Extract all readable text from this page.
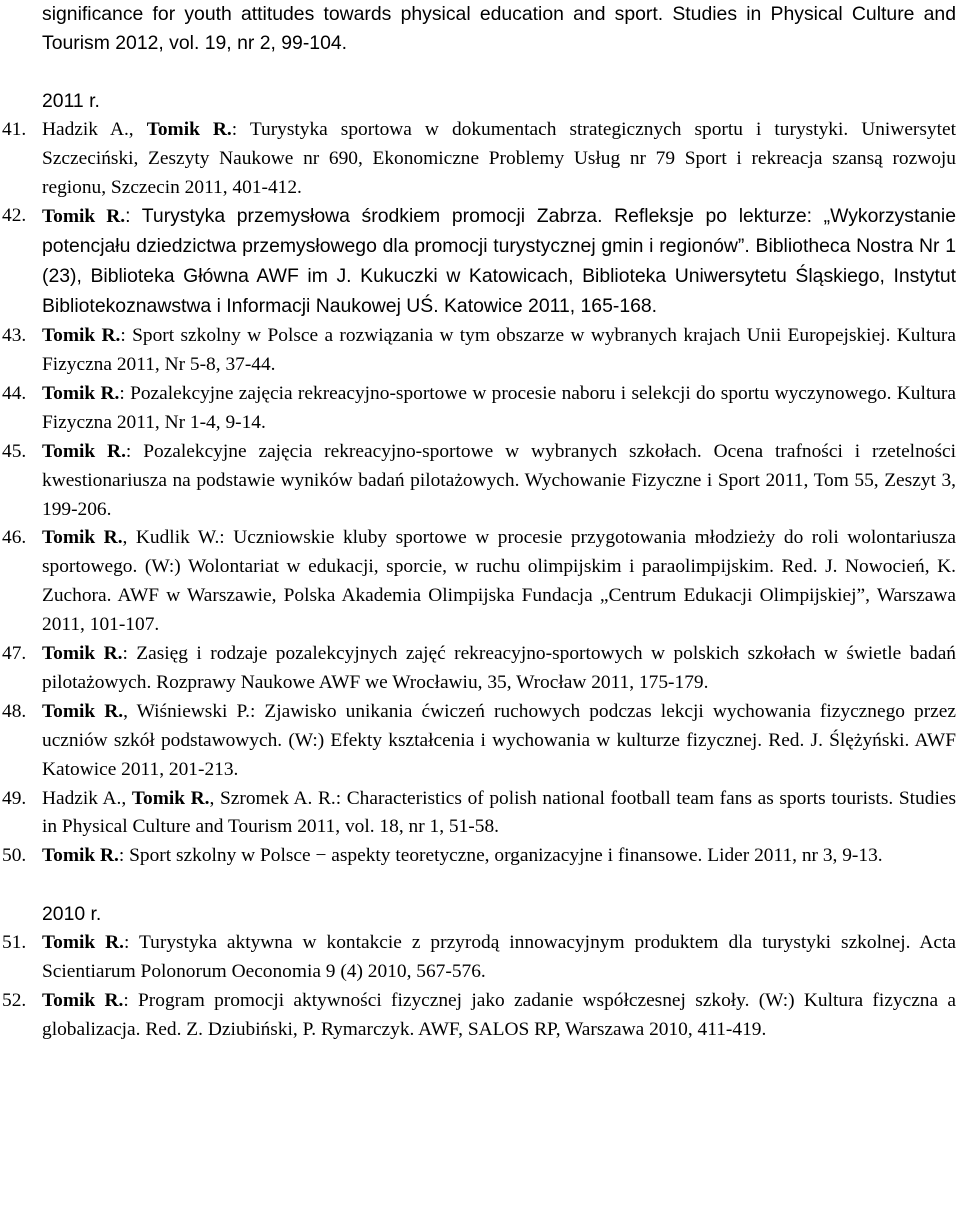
significance for youth attitudes towards physical education and sport. Studies in Physical Culture and Tourism 2012, vol. 19, nr 2, 99-104.

2011 r.

41. Hadzik A., Tomik R.: Turystyka sportowa w dokumentach strategicznych sportu i turystyki. Uniwersytet Szczeciński, Zeszyty Naukowe nr 690, Ekonomiczne Problemy Usług nr 79 Sport i rekreacja szansą rozwoju regionu, Szczecin 2011, 401-412.

42. Tomik R.: Turystyka przemysłowa środkiem promocji Zabrza. Refleksje po lekturze: „Wykorzystanie potencjału dziedzictwa przemysłowego dla promocji turystycznej gmin i regionów”. Bibliotheca Nostra Nr 1 (23), Biblioteka Główna AWF im J. Kukuczki w Katowicach, Biblioteka Uniwersytetu Śląskiego, Instytut Bibliotekoznawstwa i Informacji Naukowej UŚ. Katowice 2011, 165-168.

43. Tomik R.: Sport szkolny w Polsce a rozwiązania w tym obszarze w wybranych krajach Unii Europejskiej. Kultura Fizyczna 2011, Nr 5-8, 37-44.

44. Tomik R.: Pozalekcyjne zajęcia rekreacyjno-sportowe w procesie naboru i selekcji do sportu wyczynowego. Kultura Fizyczna 2011, Nr 1-4, 9-14.

45. Tomik R.: Pozalekcyjne zajęcia rekreacyjno-sportowe w wybranych szkołach. Ocena trafności i rzetelności kwestionariusza na podstawie wyników badań pilotażowych. Wychowanie Fizyczne i Sport 2011, Tom 55, Zeszyt 3, 199-206.

46. Tomik R., Kudlik W.: Uczniowskie kluby sportowe w procesie przygotowania młodzieży do roli wolontariusza sportowego. (W:) Wolontariat w edukacji, sporcie, w ruchu olimpijskim i paraolimpijskim. Red. J. Nowocień, K. Zuchora. AWF w Warszawie, Polska Akademia Olimpijska Fundacja „Centrum Edukacji Olimpijskiej”, Warszawa 2011, 101-107.

47. Tomik R.: Zasięg i rodzaje pozalekcyjnych zajęć rekreacyjno-sportowych w polskich szkołach w świetle badań pilotażowych. Rozprawy Naukowe AWF we Wrocławiu, 35, Wrocław 2011, 175-179.

48. Tomik R., Wiśniewski P.: Zjawisko unikania ćwiczeń ruchowych podczas lekcji wychowania fizycznego przez uczniów szkół podstawowych. (W:) Efekty kształcenia i wychowania w kulturze fizycznej. Red. J. Ślężyński. AWF Katowice 2011, 201-213.

49. Hadzik A., Tomik R., Szromek A. R.: Characteristics of polish national football team fans as sports tourists. Studies in Physical Culture and Tourism 2011, vol. 18, nr 1, 51-58.

50. Tomik R.: Sport szkolny w Polsce − aspekty teoretyczne, organizacyjne i finansowe. Lider 2011, nr 3, 9-13.

2010 r.

51. Tomik R.: Turystyka aktywna w kontakcie z przyrodą innowacyjnym produktem dla turystyki szkolnej. Acta Scientiarum Polonorum Oeconomia 9 (4) 2010, 567-576.

52. Tomik R.: Program promocji aktywności fizycznej jako zadanie współczesnej szkoły. (W:) Kultura fizyczna a globalizacja. Red. Z. Dziubiński, P. Rymarczyk. AWF, SALOS RP, Warszawa 2010, 411-419.
